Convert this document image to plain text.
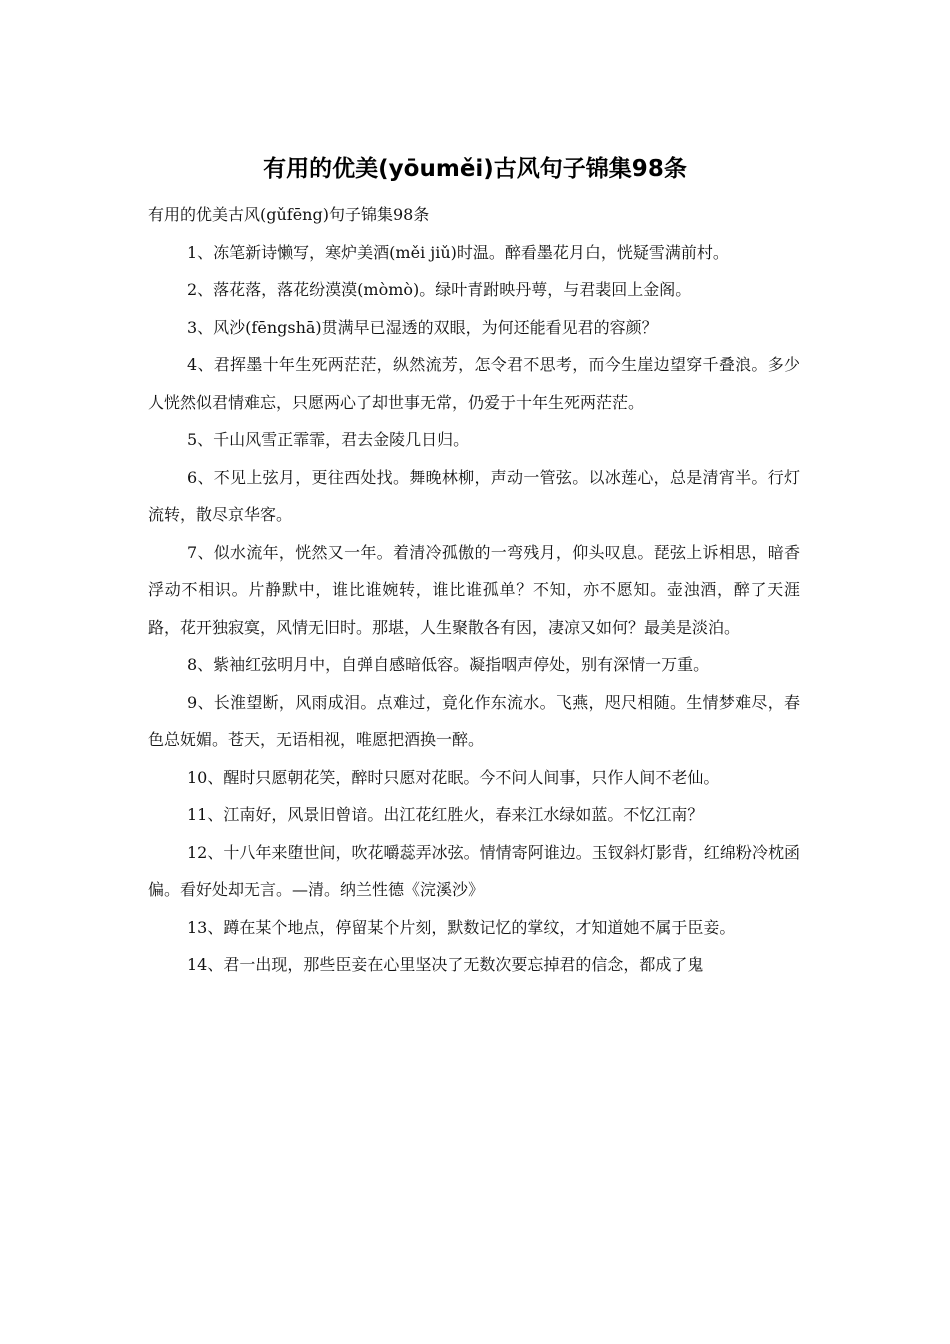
有用的优美(yōuměi)古风句子锦集98条

有用的优美古风(gǔfēng)句子锦集98条

1、冻笔新诗懒写，寒炉美酒(měi jiǔ)时温。醉看墨花月白，恍疑雪满前村。

2、落花落，落花纷漠漠(mòmò)。绿叶青跗映丹萼，与君裴回上金阁。

3、风沙(fēngshā)贯满早已湿透的双眼，为何还能看见君的容颜？

4、君挥墨十年生死两茫茫，纵然流芳，怎令君不思考，而今生崖边望穿千叠浪。多少人恍然似君情难忘，只愿两心了却世事无常，仍爱于十年生死两茫茫。

5、千山风雪正霏霏，君去金陵几日归。

6、不见上弦月，更往西处找。舞晚林柳，声动一管弦。以冰莲心，总是清宵半。行灯流转，散尽京华客。

7、似水流年，恍然又一年。着清冷孤傲的一弯残月，仰头叹息。琵弦上诉相思，暗香浮动不相识。片静默中，谁比谁婉转，谁比谁孤单？不知，亦不愿知。壶浊酒，醉了天涯路，花开独寂寞，风情无旧时。那堪，人生聚散各有因，凄凉又如何？最美是淡泊。

8、紫袖红弦明月中，自弹自感暗低容。凝指咽声停处，别有深情一万重。

9、长淮望断，风雨成泪。点难过，竟化作东流水。飞燕，咫尺相随。生情梦难尽，春色总妩媚。苍天，无语相视，唯愿把酒换一醉。

10、醒时只愿朝花笑，醉时只愿对花眠。今不问人间事，只作人间不老仙。

11、江南好，风景旧曾谙。出江花红胜火，春来江水绿如蓝。不忆江南？

12、十八年来堕世间，吹花嚼蕊弄冰弦。情情寄阿谁边。玉钗斜灯影背，红绵粉冷枕函偏。看好处却无言。—清。纳兰性德《浣溪沙》

13、蹲在某个地点，停留某个片刻，默数记忆的掌纹，才知道她不属于臣妾。

14、君一出现，那些臣妾在心里坚决了无数次要忘掉君的信念，都成了鬼
